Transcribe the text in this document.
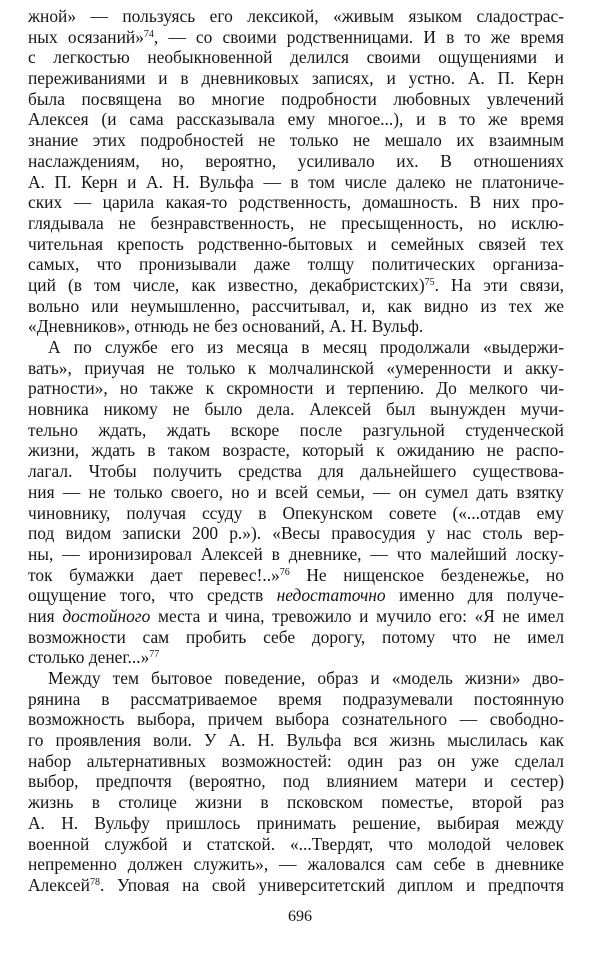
жной» — пользуясь его лексикой, «живым языком сладострас-
ных осязаний»$^{74}$, — со своими родственницами. И в то же время
с легкостью необыкновенной делился своими ощущениями и
переживаниями и в дневниковых записях, и устно. А. П. Керн
была посвящена во многие подробности любовных увлечений
Алексея (и сама рассказывала ему многое...), и в то же время
знание этих подробностей не только не мешало их взаимным
наслаждениям, но, вероятно, усиливало их. В отношениях
А. П. Керн и А. Н. Вульфа — в том числе далеко не платониче-
ских — царила какая-то родственность, домашность. В них про-
глядывала не безнравственность, не пресыщенность, но исклю-
чительная крепость родственно-бытовых и семейных связей тех
самых, что пронизывали даже толщу политических организа-
ций (в том числе, как известно, декабристских)$^{75}$. На эти связи,
вольно или неумышленно, рассчитывал, и, как видно из тех же
«Дневников», отнюдь не без оснований, А. Н. Вульф.
А по службе его из месяца в месяц продолжали «выдержи-
вать», приучая не только к молчалинской «умеренности и акку-
ратности», но также к скромности и терпению. До мелкого чи-
новника никому не было дела. Алексей был вынужден мучи-
тельно ждать, ждать вскоре после разгульной студенческой
жизни, ждать в таком возрасте, который к ожиданию не распо-
лагал. Чтобы получить средства для дальнейшего существова-
ния — не только своего, но и всей семьи, — он сумел дать взятку
чиновнику, получая ссуду в Опекунском совете («...отдав ему
под видом записки 200 р.»). «Весы правосудия у нас столь вер-
ны, — иронизировал Алексей в дневнике, — что малейший лоску-
ток бумажки дает перевес!..»$^{76}$ Не нищенское безденежье, но
ощущение того, что средств недостаточно именно для получе-
ния достойного места и чина, тревожило и мучило его: «Я не имел
возможности сам пробить себе дорогу, потому что не имел
столько денег...»$^{77}$
Между тем бытовое поведение, образ и «модель жизни» дво-
рянина в рассматриваемое время подразумевали постоянную
возможность выбора, причем выбора сознательного — свободно-
го проявления воли. У А. Н. Вульфа вся жизнь мыслилась как
набор альтернативных возможностей: один раз он уже сделал
выбор, предпочтя (вероятно, под влиянием матери и сестер)
жизнь в столице жизни в псковском поместье, второй раз
А. Н. Вульфу пришлось принимать решение, выбирая между
военной службой и статской. «...Твердят, что молодой человек
непременно должен служить», — жаловался сам себе в дневнике
Алексей$^{78}$. Уповая на свой университетский диплом и предпочтя
696
